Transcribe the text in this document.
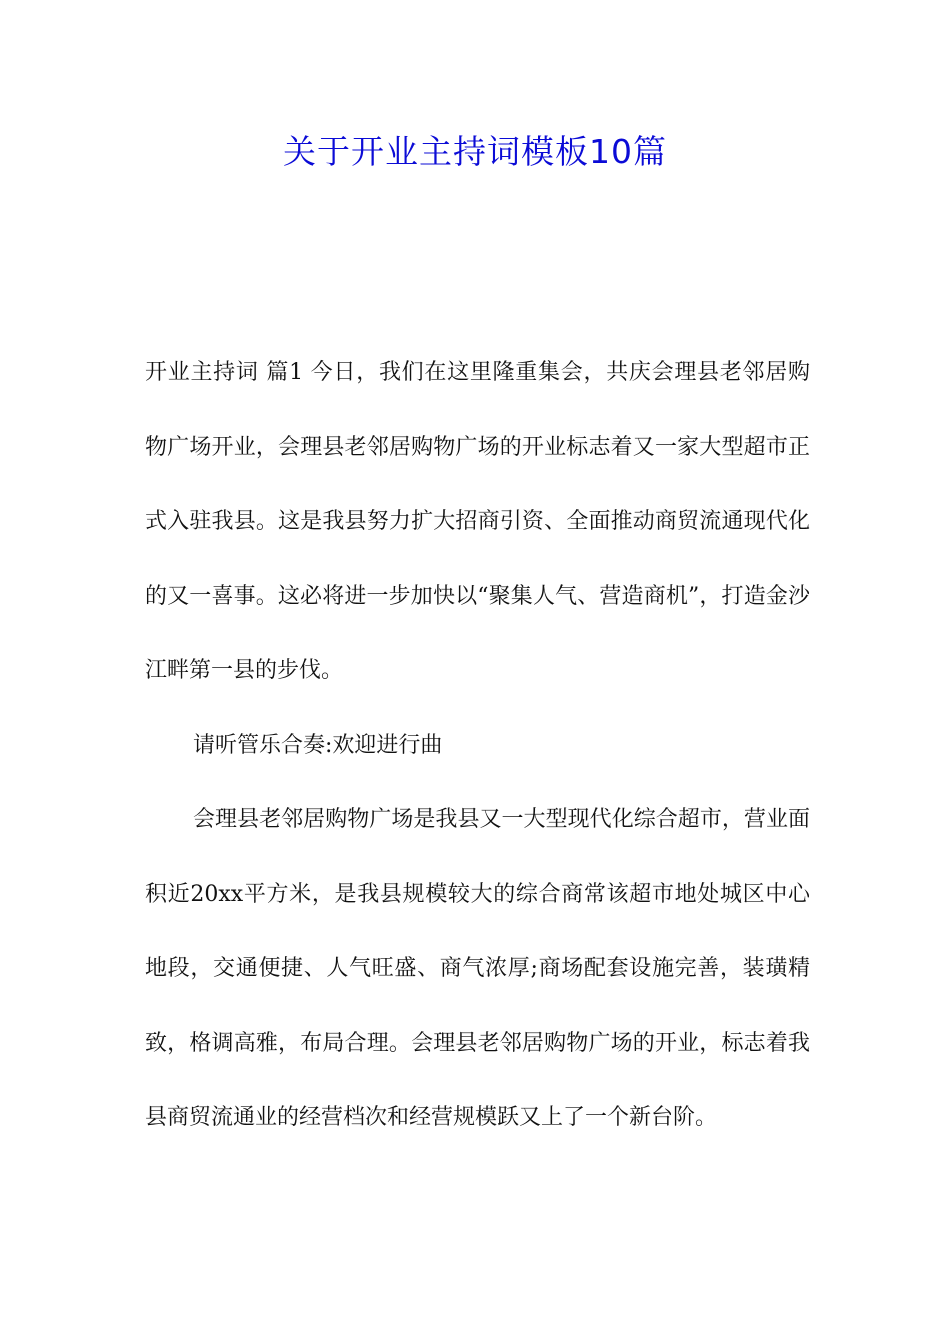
关于开业主持词模板10篇

开业主持词 篇1 今日，我们在这里隆重集会，共庆会理县老邻居购物广场开业，会理县老邻居购物广场的开业标志着又一家大型超市正式入驻我县。这是我县努力扩大招商引资、全面推动商贸流通现代化的又一喜事。这必将进一步加快以“聚集人气、营造商机”，打造金沙江畔第一县的步伐。

请听管乐合奏:欢迎进行曲

会理县老邻居购物广场是我县又一大型现代化综合超市，营业面积近20xx平方米，是我县规模较大的综合商常该超市地处城区中心地段，交通便捷、人气旺盛、商气浓厚;商场配套设施完善，装璜精致，格调高雅，布局合理。会理县老邻居购物广场的开业，标志着我县商贸流通业的经营档次和经营规模跃又上了一个新台阶。
